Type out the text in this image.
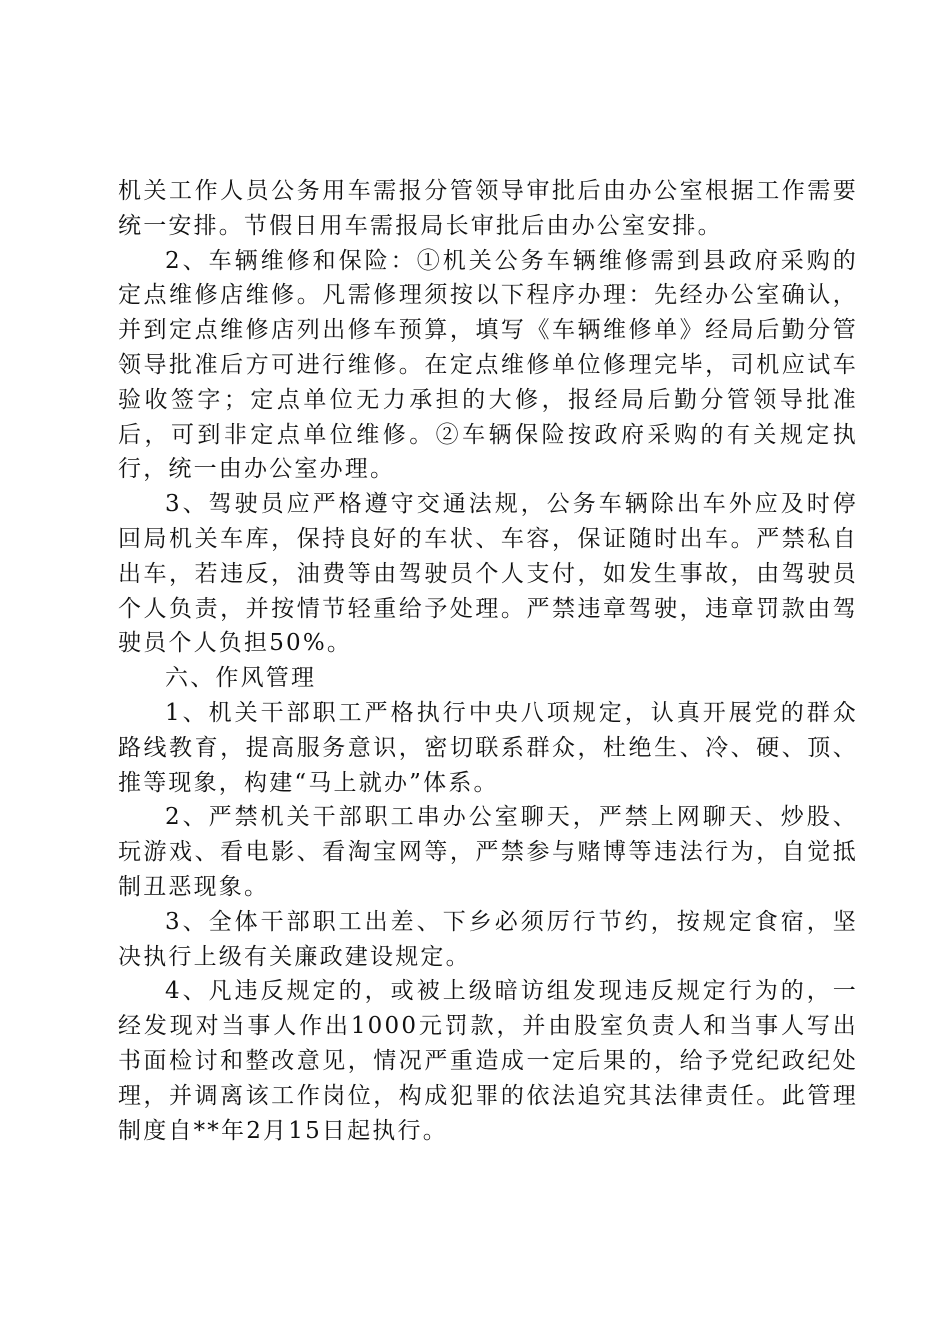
机关工作人员公务用车需报分管领导审批后由办公室根据工作需要统一安排。节假日用车需报局长审批后由办公室安排。

2、车辆维修和保险：①机关公务车辆维修需到县政府采购的定点维修店维修。凡需修理须按以下程序办理：先经办公室确认，并到定点维修店列出修车预算，填写《车辆维修单》经局后勤分管领导批准后方可进行维修。在定点维修单位修理完毕，司机应试车验收签字；定点单位无力承担的大修，报经局后勤分管领导批准后，可到非定点单位维修。②车辆保险按政府采购的有关规定执行，统一由办公室办理。

3、驾驶员应严格遵守交通法规，公务车辆除出车外应及时停回局机关车库，保持良好的车状、车容，保证随时出车。严禁私自出车，若违反，油费等由驾驶员个人支付，如发生事故，由驾驶员个人负责，并按情节轻重给予处理。严禁违章驾驶，违章罚款由驾驶员个人负担50%。

六、作风管理

1、机关干部职工严格执行中央八项规定，认真开展党的群众路线教育，提高服务意识，密切联系群众，杜绝生、冷、硬、顶、推等现象，构建“马上就办”体系。

2、严禁机关干部职工串办公室聊天，严禁上网聊天、炒股、玩游戏、看电影、看淘宝网等，严禁参与赌博等违法行为，自觉抵制丑恶现象。

3、全体干部职工出差、下乡必须厉行节约，按规定食宿，坚决执行上级有关廉政建设规定。

4、凡违反规定的，或被上级暗访组发现违反规定行为的，一经发现对当事人作出1000元罚款，并由股室负责人和当事人写出书面检讨和整改意见，情况严重造成一定后果的，给予党纪政纪处理，并调离该工作岗位，构成犯罪的依法追究其法律责任。此管理制度自**年2月15日起执行。
